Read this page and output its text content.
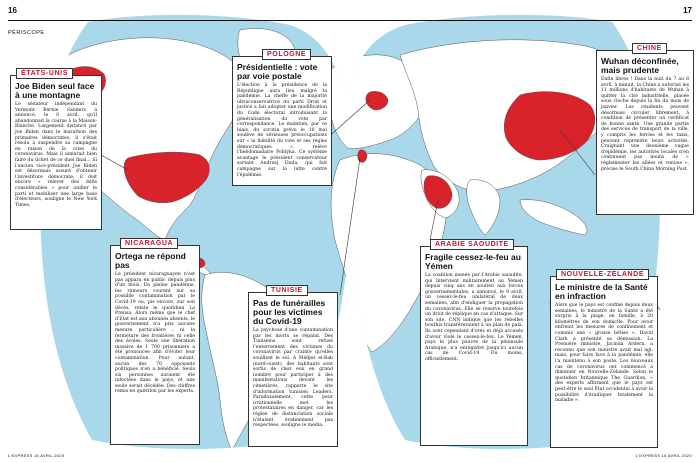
16	17
PÉRISCOPE
Joe Biden seul face à une montagne
Le sénateur indépendant du Vermont Bernie Sanders a annoncé, le 8 avril, qu'il abandonnait la course à la Maison-Blanche. Largement distancé par Joe Biden dans le marathon des primaires démocrates, il s'était résolu à suspendre sa campagne en raison de la crise du coronavirus. Mais il aimerait bien faire du ticket de ce duel final... Si l'ancien vice-président Joe Biden est désormais assuré d'obtenir l'investiture démocrate, il doit encore « relever des défis considérables » pour unifier le parti et mobiliser une large base d'électeurs, souligne le New York Times.
ÉTATS-UNIS
Ortega ne répond pas
Le président nicaraguayen n'est pas apparu en public depuis plus d'un mois. En pleine pandémie, les rumeurs courent sur sa possible contamination par le Covid-19 ou, pis encore, sur son décès, relate le quotidien La Prensa. Alors même que le chef d'Etat est aux abonnés absents, le gouvernement n'a pris aucune mesure particulière : ni la fermeture des frontières ni celle des écoles. Seule une libération massive de 1 700 prisonniers a été prononcée afin d'éviter leur contamination. Pour autant, aucun des 70 opposants politiques n'en a bénéficié. Seuls six personnes auraient été infectées dans le pays, et une seule serait décédée. Des chiffres remis en question par les experts.
NICARAGUA
Présidentielle : vote par voie postale
L'élection à la présidence de la République aura lieu malgré la pandémie. La cheffe de la majorité ultraconservatrice du parti Droit et justice a fait adopter une modification du Code électoral introduisant la généralisation du vote par correspondance. Le maintien, par ce biais, du scrutin prévu le 10 mai soulève de sérieuses préoccupations sur « la fiabilité du vote et ses règles démocratiques », relève l'hebdomadaire Polityka. Ce système avantage le président conservateur sortant Andrzej Duda, qui fait campagne sur la lutte contre l'épidémie.
POLOGNE
Pas de funérailles pour les victimes du Covid-19
La psychose d'une contamination par les morts se répand. Des Tunisiens sont refusé l'enterrement des victimes du coronavirus par crainte qu'elles souillent le sol. A Médjez el-Bab (nord-ouest), des habitants sont sortis de chez eux en grand nombre pour participer à des manifestations devant les cimetières, rapporte le site d'information tunisien Leaders. Paradoxalement, cette peur irrationnelle met les protestataires en danger, car les règles de distanciation sociale n'étaient évidemment pas respectées, souligne le média.
TUNISIE
Fragile cessez-le-feu au Yémen
La coalition menée par l'Arabie saoudite, qui intervient militairement au Yémen depuis cinq ans en soutien aux forces gouvernementales, a annoncé, le 9 avril, un cessez-le-feu unilatéral de deux semaines, afin d'endiguer la propagation du coronavirus. Elle se réserve toutefois un droit de réplique en cas d'attaque. Sur son site, CNN indique que les rebelles houthis transféreraient à un plan de paix. Ils sont cependant d'ores et déjà accusés d'avoir violé le cessez-le-feu. Le Yémen, pays le plus pauvre de la péninsule Arabique, n'a enregistré jusqu'ici aucun cas de Covid-19. Du moins, officiellement.
ARABIE SAOUDITE
Wuhan déconfinée, mais prudente
Enfin libres ! Dans la nuit du 7 au 8 avril, à minuit, la Chine a autorisé les 11 millions d'habitants de Wuhan à quitter la cité industrielle, placée sous cloche depuis la fin du mois de janvier. Les résidents peuvent désormais circuler librement, à condition de présenter un certificat de bonne santé. Une grande partie des services de transport de la ville, y compris les ferries et les taxis, peuvent reprendre leurs activités. Craignant une deuxième vague d'épidémie, les autorités locales n'en continuent pas moins de « réglementer les allées et venues », précise le South China Morning Post.
CHINE
Le ministre de la Santé en infraction
Alors que le pays est confiné depuis deux semaines, le ministre de la Santé a été surpris à la plage, en famille, à 20 kilomètres de son domicile. Pour avoir enfreint les mesures de confinement et commis une « grosse bêtise », David Clark a présenté sa démission. La Première ministre, Jacinda Ardern, a reconnu que son ministre avait mal agi, mais, pour faire face à la pandémie, elle l'a maintenu à son poste. Les nouveaux cas de coronavirus ont commencé à diminuer en Nouvelle-Zélande. Selon le quotidien britannique The Guardian, « des experts affirment que le pays est peut-être le seul État occidental à avoir la possibilité d'éradiquer totalement la maladie ».
NOUVELLE-ZÉLANDE
L'EXPRESS 16 AVRIL 2020	L'EXPRESS 16 AVRIL 2020
